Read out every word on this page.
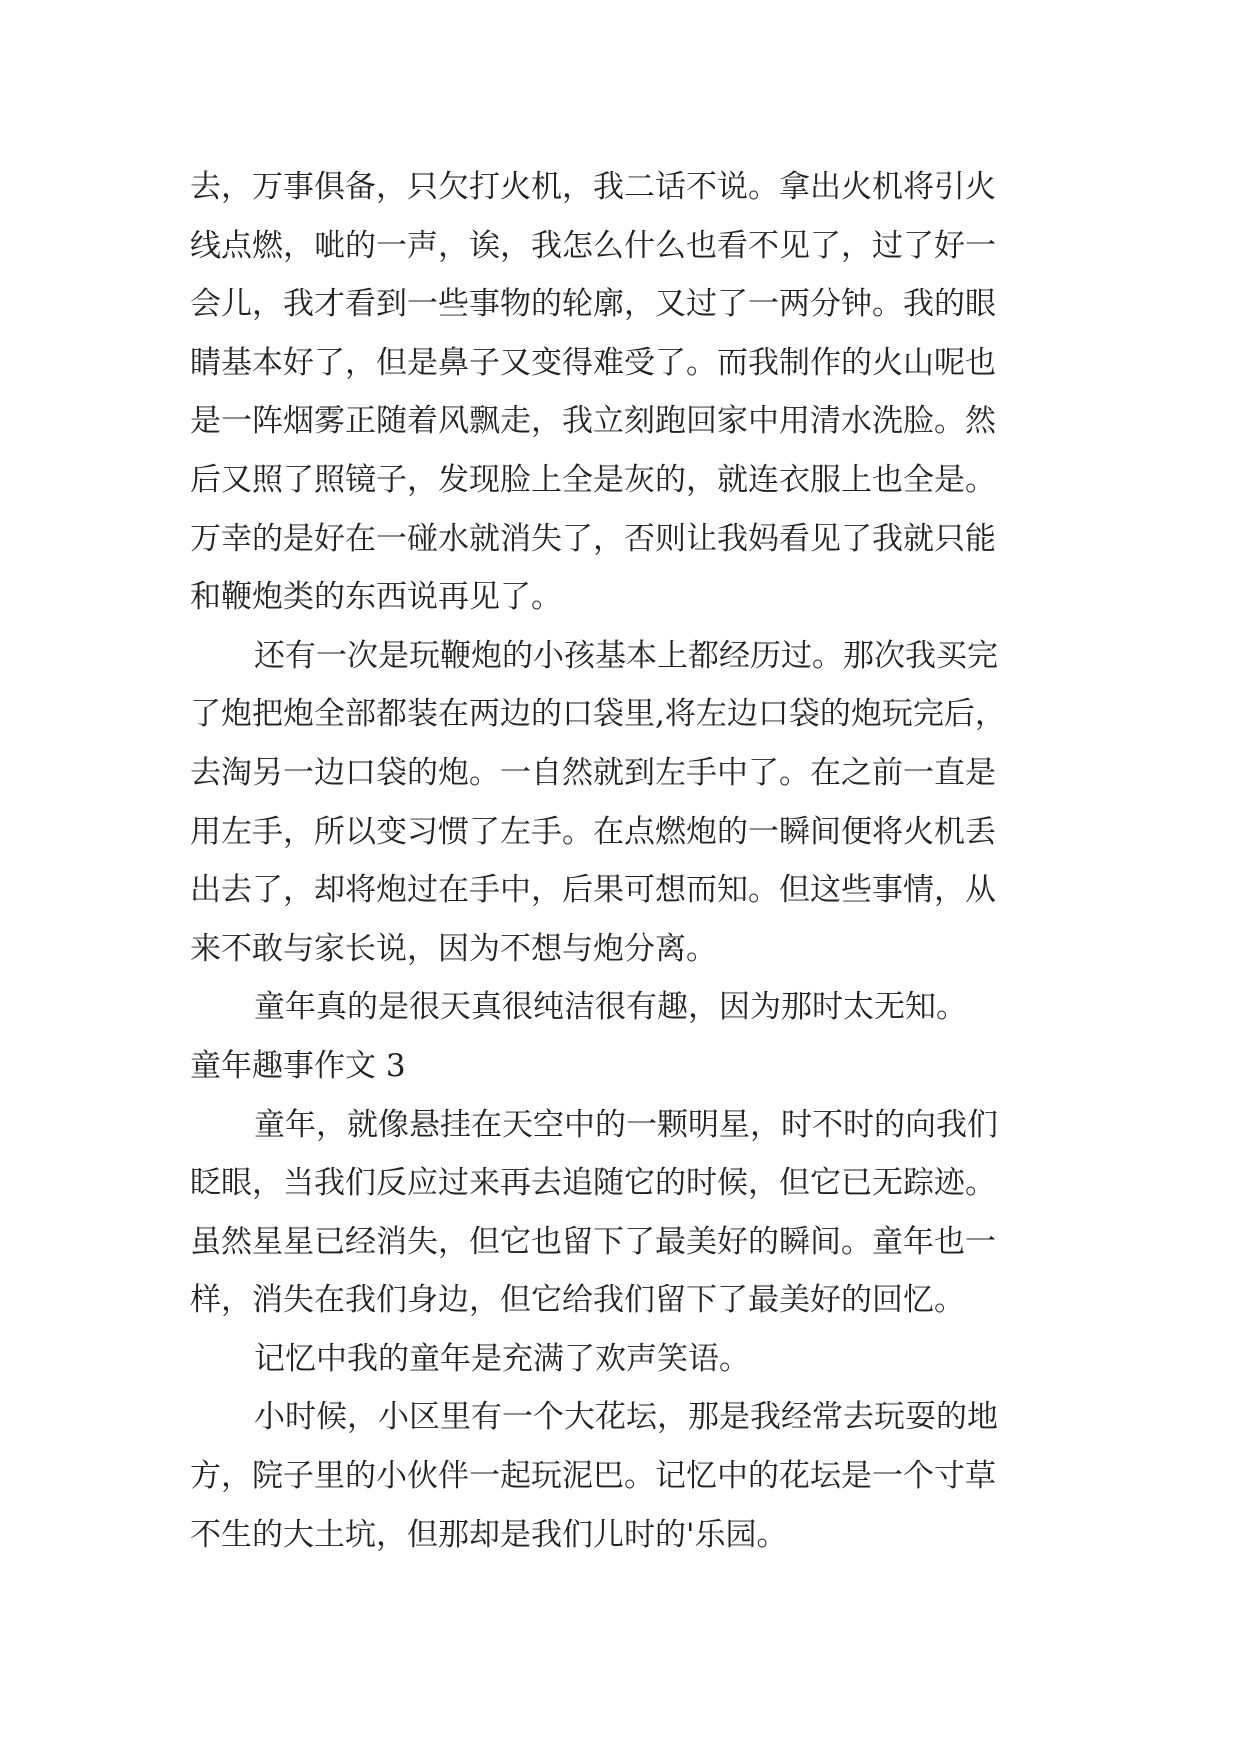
去，万事俱备，只欠打火机，我二话不说。拿出火机将引火
线点燃，呲的一声，诶，我怎么什么也看不见了，过了好一
会儿，我才看到一些事物的轮廓，又过了一两分钟。我的眼
睛基本好了，但是鼻子又变得难受了。而我制作的火山呢也
是一阵烟雾正随着风飘走，我立刻跑回家中用清水洗脸。然
后又照了照镜子，发现脸上全是灰的，就连衣服上也全是。
万幸的是好在一碰水就消失了，否则让我妈看见了我就只能
和鞭炮类的东西说再见了。
还有一次是玩鞭炮的小孩基本上都经历过。那次我买完
了炮把炮全部都装在两边的口袋里,将左边口袋的炮玩完后，
去淘另一边口袋的炮。一自然就到左手中了。在之前一直是
用左手，所以变习惯了左手。在点燃炮的一瞬间便将火机丢
出去了，却将炮过在手中，后果可想而知。但这些事情，从
来不敢与家长说，因为不想与炮分离。
童年真的是很天真很纯洁很有趣，因为那时太无知。
童年趣事作文 3
童年，就像悬挂在天空中的一颗明星，时不时的向我们
眨眼，当我们反应过来再去追随它的时候，但它已无踪迹。
虽然星星已经消失，但它也留下了最美好的瞬间。童年也一
样，消失在我们身边，但它给我们留下了最美好的回忆。
记忆中我的童年是充满了欢声笑语。
小时候，小区里有一个大花坛，那是我经常去玩耍的地
方，院子里的小伙伴一起玩泥巴。记忆中的花坛是一个寸草
不生的大土坑，但那却是我们儿时的'乐园。
